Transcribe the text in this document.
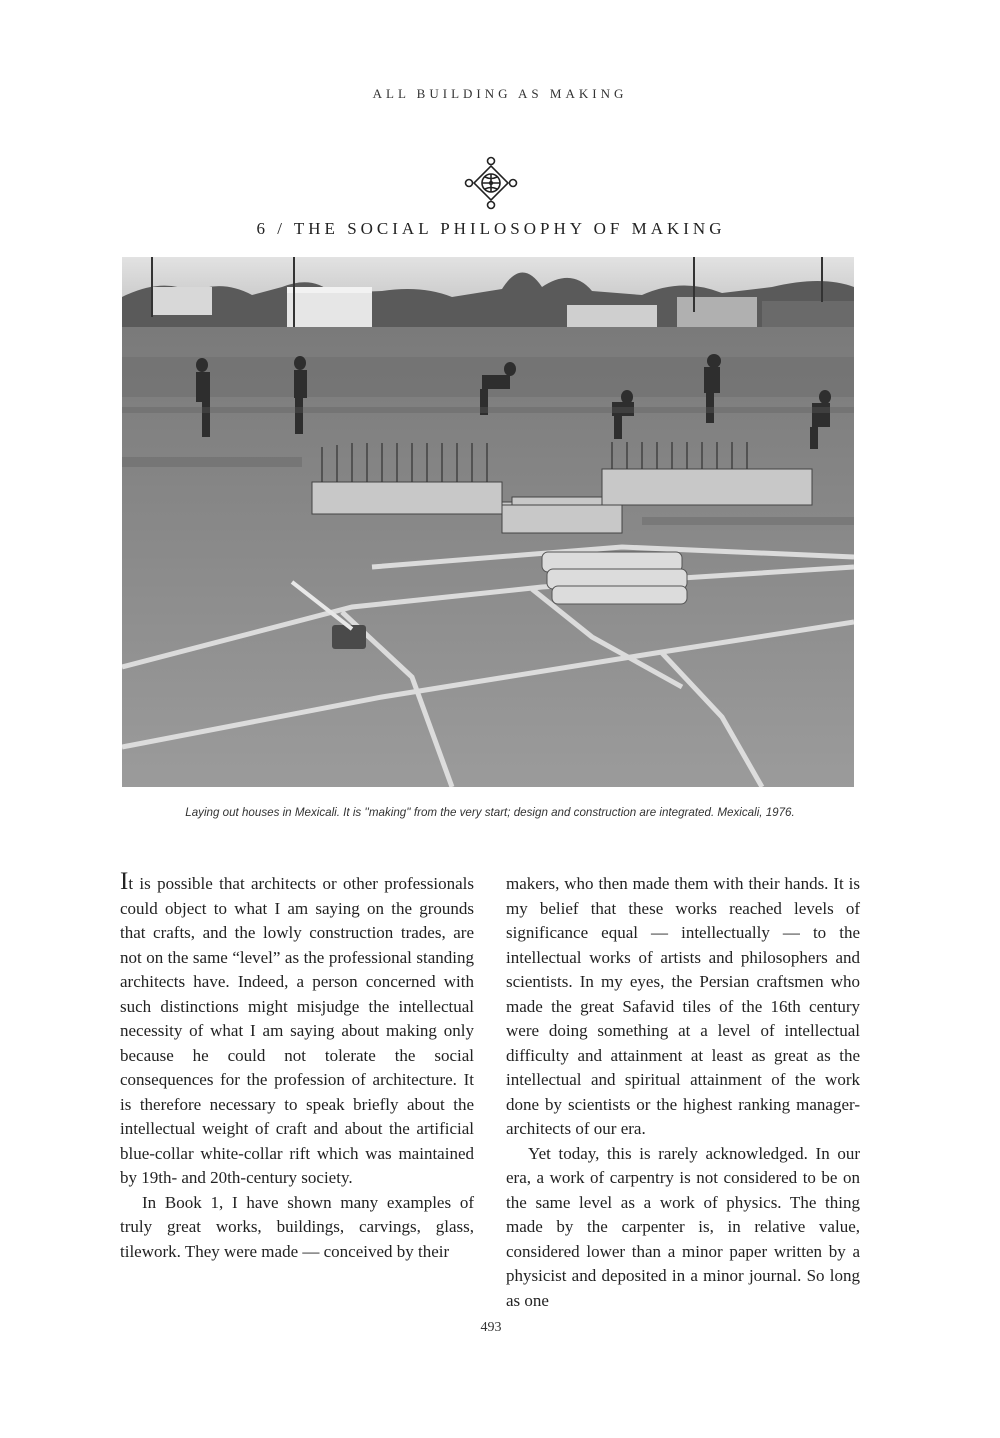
ALL BUILDING AS MAKING
6 / THE SOCIAL PHILOSOPHY OF MAKING
Laying out houses in Mexicali. It is ''making'' from the very start; design and construction are integrated. Mexicali, 1976.

It is possible that architects or other professionals could object to what I am saying on the grounds that crafts, and the lowly construction trades, are not on the same “level” as the professional standing architects have. Indeed, a person concerned with such distinctions might misjudge the intellectual necessity of what I am saying about making only because he could not tolerate the social consequences for the profession of architecture. It is therefore necessary to speak briefly about the intellectual weight of craft and about the artificial blue-collar white-collar rift which was maintained by 19th- and 20th-century society.

In Book 1, I have shown many examples of truly great works, buildings, carvings, glass, tilework. They were made — conceived by their

makers, who then made them with their hands. It is my belief that these works reached levels of significance equal — intellectually — to the intellectual works of artists and philosophers and scientists. In my eyes, the Persian craftsmen who made the great Safavid tiles of the 16th century were doing something at a level of intellectual difficulty and attainment at least as great as the intellectual and spiritual attainment of the work done by scientists or the highest ranking manager-architects of our era.

Yet today, this is rarely acknowledged. In our era, a work of carpentry is not considered to be on the same level as a work of physics. The thing made by the carpenter is, in relative value, considered lower than a minor paper written by a physicist and deposited in a minor journal. So long as one

493
